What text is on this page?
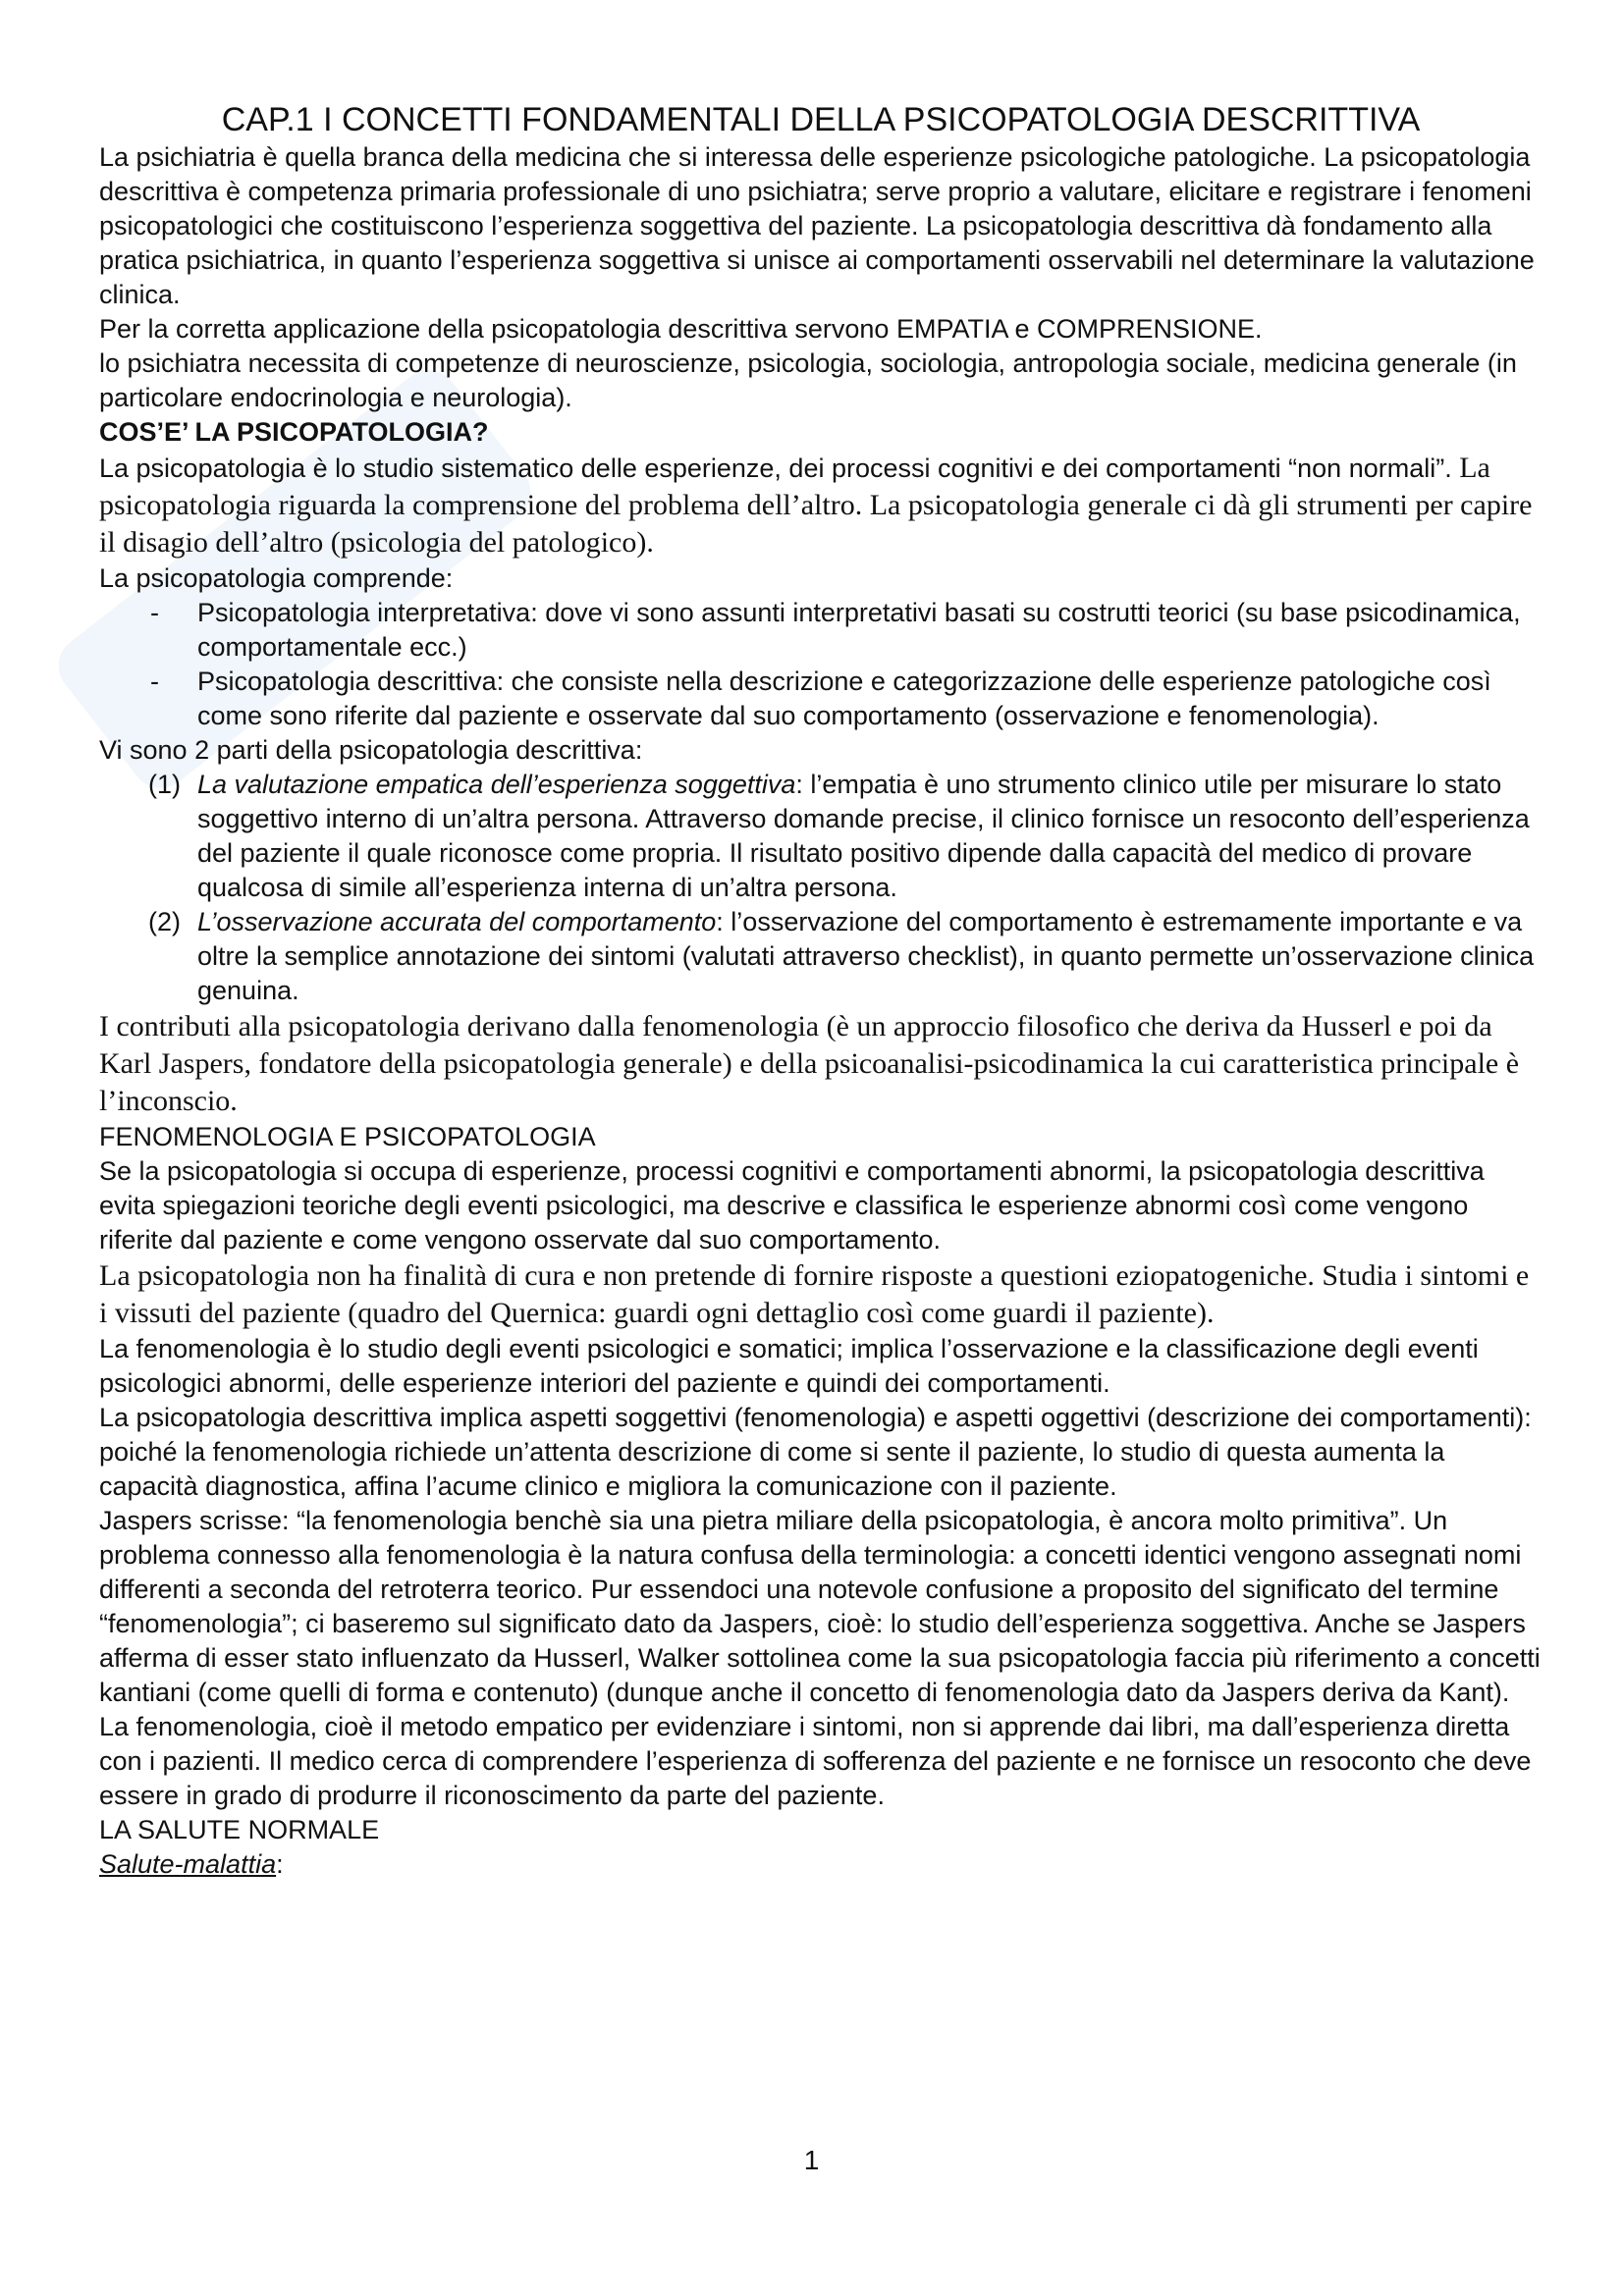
CAP.1 I CONCETTI FONDAMENTALI DELLA PSICOPATOLOGIA DESCRITTIVA

La psichiatria è quella branca della medicina che si interessa delle esperienze psicologiche patologiche. La psicopatologia descrittiva è competenza primaria professionale di uno psichiatra; serve proprio a valutare, elicitare e registrare i fenomeni psicopatologici che costituiscono l’esperienza soggettiva del paziente. La psicopatologia descrittiva dà fondamento alla pratica psichiatrica, in quanto l’esperienza soggettiva si unisce ai comportamenti osservabili nel determinare la valutazione clinica.

Per la corretta applicazione della psicopatologia descrittiva servono EMPATIA e COMPRENSIONE.

lo psichiatra necessita di competenze di neuroscienze, psicologia, sociologia, antropologia sociale, medicina generale (in particolare endocrinologia e neurologia).

COS’E’ LA PSICOPATOLOGIA?

La psicopatologia è lo studio sistematico delle esperienze, dei processi cognitivi e dei comportamenti “non normali”. La psicopatologia riguarda la comprensione del problema dell’altro. La psicopatologia generale ci dà gli strumenti per capire il disagio dell’altro (psicologia del patologico).

La psicopatologia comprende:

- Psicopatologia interpretativa: dove vi sono assunti interpretativi basati su costrutti teorici (su base psicodinamica, comportamentale ecc.)
- Psicopatologia descrittiva: che consiste nella descrizione e categorizzazione delle esperienze patologiche così come sono riferite dal paziente e osservate dal suo comportamento (osservazione e fenomenologia).

Vi sono 2 parti della psicopatologia descrittiva:

(1) La valutazione empatica dell’esperienza soggettiva: l’empatia è uno strumento clinico utile per misurare lo stato soggettivo interno di un’altra persona. Attraverso domande precise, il clinico fornisce un resoconto dell’esperienza del paziente il quale riconosce come propria. Il risultato positivo dipende dalla capacità del medico di provare qualcosa di simile all’esperienza interna di un’altra persona.
(2) L’osservazione accurata del comportamento: l’osservazione del comportamento è estremamente importante e va oltre la semplice annotazione dei sintomi (valutati attraverso checklist), in quanto permette un’osservazione clinica genuina.

I contributi alla psicopatologia derivano dalla fenomenologia (è un approccio filosofico che deriva da Husserl e poi da Karl Jaspers, fondatore della psicopatologia generale) e della psicoanalisi-psicodinamica la cui caratteristica principale è l’inconscio.

FENOMENOLOGIA E PSICOPATOLOGIA

Se la psicopatologia si occupa di esperienze, processi cognitivi e comportamenti abnormi, la psicopatologia descrittiva evita spiegazioni teoriche degli eventi psicologici, ma descrive e classifica le esperienze abnormi così come vengono riferite dal paziente e come vengono osservate dal suo comportamento.

La psicopatologia non ha finalità di cura e non pretende di fornire risposte a questioni eziopatogeniche. Studia i sintomi e i vissuti del paziente (quadro del Quernica: guardi ogni dettaglio così come guardi il paziente).

La fenomenologia è lo studio degli eventi psicologici e somatici; implica l’osservazione e la classificazione degli eventi psicologici abnormi, delle esperienze interiori del paziente e quindi dei comportamenti.

La psicopatologia descrittiva implica aspetti soggettivi (fenomenologia) e aspetti oggettivi (descrizione dei comportamenti): poiché la fenomenologia richiede un’attenta descrizione di come si sente il paziente, lo studio di questa aumenta la capacità diagnostica, affina l’acume clinico e migliora la comunicazione con il paziente.

Jaspers scrisse: “la fenomenologia benchè sia una pietra miliare della psicopatologia, è ancora molto primitiva”. Un problema connesso alla fenomenologia è la natura confusa della terminologia: a concetti identici vengono assegnati nomi differenti a seconda del retroterra teorico. Pur essendoci una notevole confusione a proposito del significato del termine “fenomenologia”; ci baseremo sul significato dato da Jaspers, cioè: lo studio dell’esperienza soggettiva. Anche se Jaspers afferma di esser stato influenzato da Husserl, Walker sottolinea come la sua psicopatologia faccia più riferimento a concetti kantiani (come quelli di forma e contenuto) (dunque anche il concetto di fenomenologia dato da Jaspers deriva da Kant).

La fenomenologia, cioè il metodo empatico per evidenziare i sintomi, non si apprende dai libri, ma dall’esperienza diretta con i pazienti. Il medico cerca di comprendere l’esperienza di sofferenza del paziente e ne fornisce un resoconto che deve essere in grado di produrre il riconoscimento da parte del paziente.

LA SALUTE NORMALE

Salute-malattia:

1
